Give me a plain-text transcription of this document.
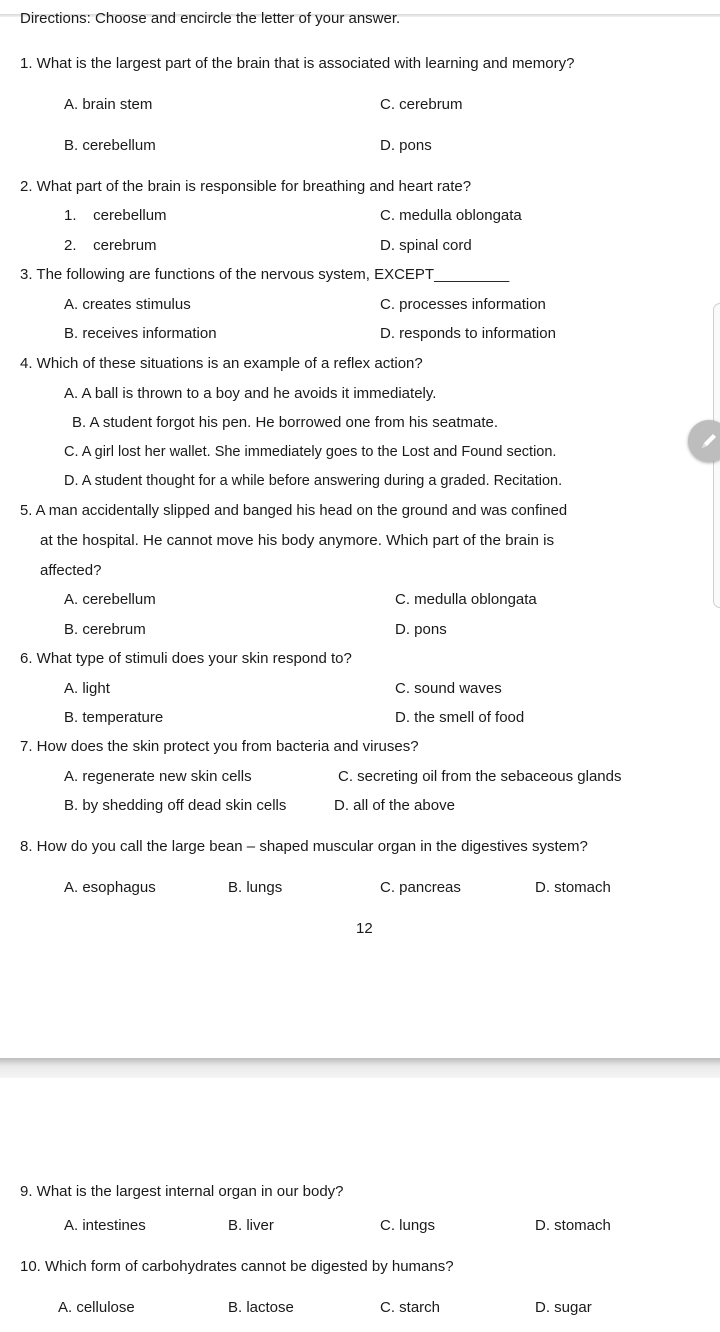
Directions: Choose and encircle the letter of your answer.
1. What is the largest part of the brain that is associated with learning and memory?
A. brain stem	C. cerebrum
B. cerebellum	D. pons
2. What part of the brain is responsible for breathing and heart rate?
1.    cerebellum	C. medulla oblongata
2.    cerebrum	D. spinal cord
3. The following are functions of the nervous system, EXCEPT_________
A. creates stimulus	C. processes information
B. receives information	D. responds to information
4. Which of these situations is an example of a reflex action?
A. A ball is thrown to a boy and he avoids it immediately.
B. A student forgot his pen. He borrowed one from his seatmate.
C. A girl lost her wallet. She immediately goes to the Lost and Found section.
D. A student thought for a while before answering during a graded. Recitation.
5. A man accidentally slipped and banged his head on the ground and was confined
at the hospital. He cannot move his body anymore. Which part of the brain is
affected?
A. cerebellum	C. medulla oblongata
B. cerebrum	D. pons
6. What type of stimuli does your skin respond to?
A. light	C. sound waves
B. temperature	D. the smell of food
7. How does the skin protect you from bacteria and viruses?
A. regenerate new skin cells	C. secreting oil from the sebaceous glands
B. by shedding off dead skin cells	D. all of the above
8. How do you call the large bean – shaped muscular organ in the digestives system?
A. esophagus	B. lungs	C. pancreas	D. stomach
12
9. What is the largest internal organ in our body?
A. intestines	B. liver	C. lungs	D. stomach
10. Which form of carbohydrates cannot be digested by humans?
A. cellulose	B. lactose	C. starch	D. sugar
